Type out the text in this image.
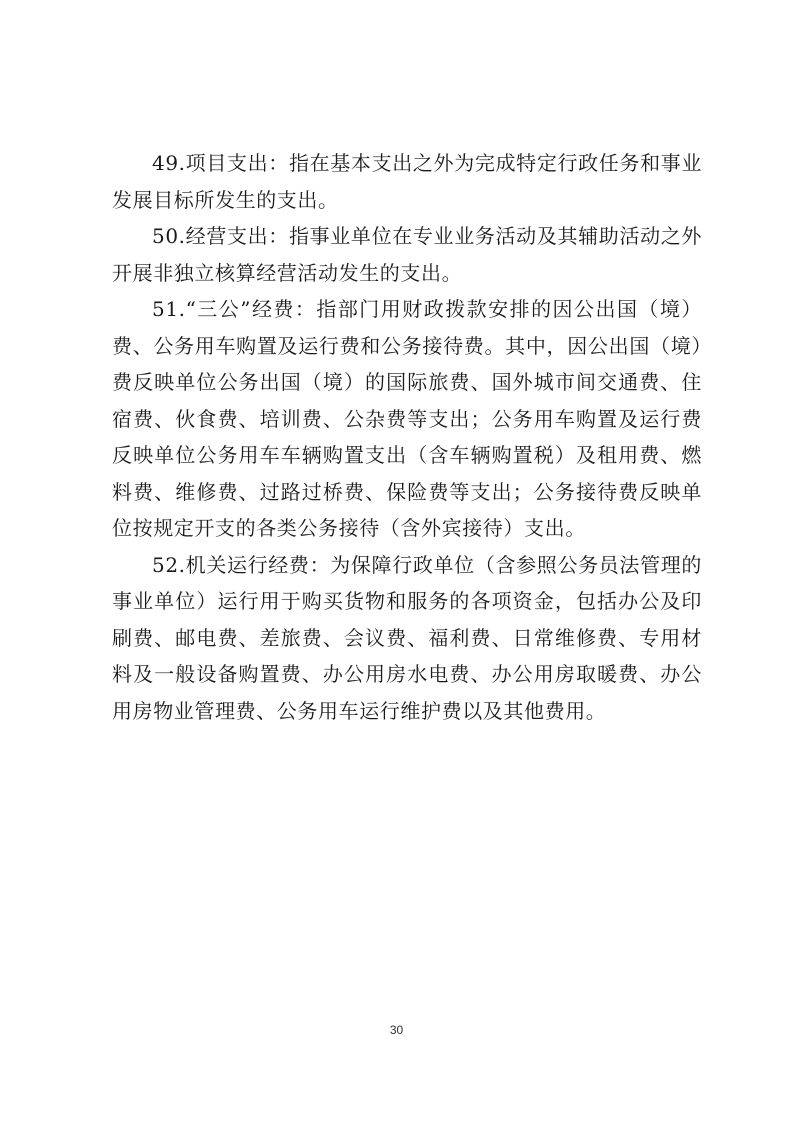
49.项目支出：指在基本支出之外为完成特定行政任务和事业发展目标所发生的支出。

50.经营支出：指事业单位在专业业务活动及其辅助活动之外开展非独立核算经营活动发生的支出。

51.“三公”经费：指部门用财政拨款安排的因公出国（境）费、公务用车购置及运行费和公务接待费。其中，因公出国（境）费反映单位公务出国（境）的国际旅费、国外城市间交通费、住宿费、伙食费、培训费、公杂费等支出；公务用车购置及运行费反映单位公务用车车辆购置支出（含车辆购置税）及租用费、燃料费、维修费、过路过桥费、保险费等支出；公务接待费反映单位按规定开支的各类公务接待（含外宾接待）支出。

52.机关运行经费：为保障行政单位（含参照公务员法管理的事业单位）运行用于购买货物和服务的各项资金，包括办公及印刷费、邮电费、差旅费、会议费、福利费、日常维修费、专用材料及一般设备购置费、办公用房水电费、办公用房取暖费、办公用房物业管理费、公务用车运行维护费以及其他费用。

30
